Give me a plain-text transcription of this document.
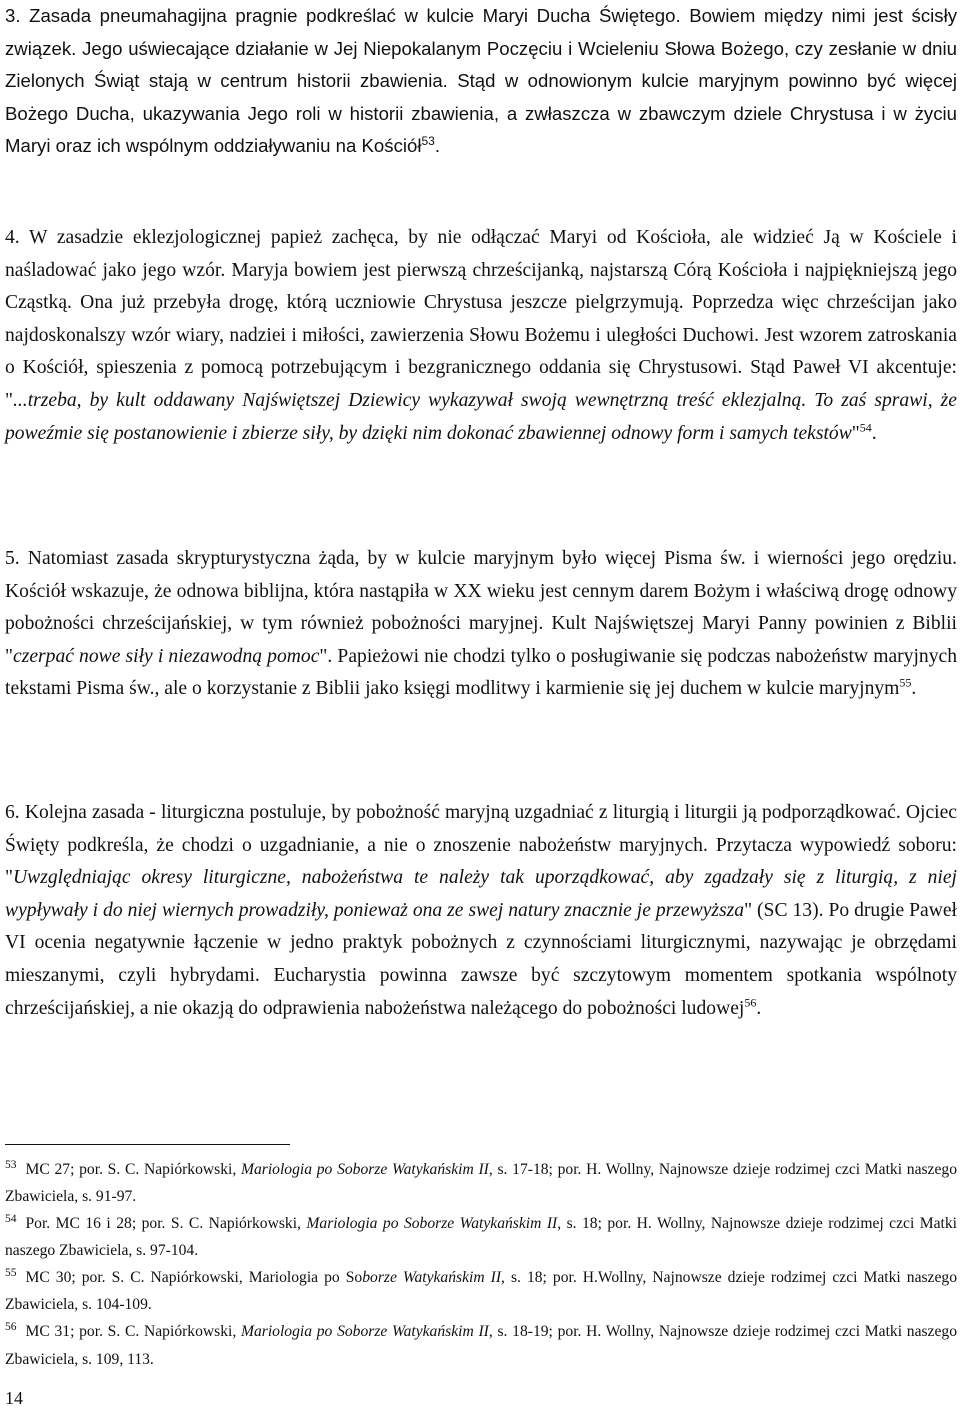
3. Zasada pneumahagijna pragnie podkreślać w kulcie Maryi Ducha Świętego. Bowiem między nimi jest ścisły związek. Jego uświecające działanie w Jej Niepokalanym Poczęciu i Wcieleniu Słowa Bożego, czy zesłanie w dniu Zielonych Świąt stają w centrum historii zbawienia. Stąd w odnowionym kulcie maryjnym powinno być więcej Bożego Ducha, ukazywania Jego roli w historii zbawienia, a zwłaszcza w zbawczym dziele Chrystusa i w życiu Maryi oraz ich wspólnym oddziaływaniu na Kościół$^{53}$.

4. W zasadzie eklezjologicznej papież zachęca, by nie odłączać Maryi od Kościoła, ale widzieć Ją w Kościele i naśladować jako jego wzór. Maryja bowiem jest pierwszą chrześcijanką, najstarszą Córą Kościoła i najpiękniejszą jego Cząstką. Ona już przebyła drogę, którą uczniowie Chrystusa jeszcze pielgrzymują. Poprzedza więc chrześcijan jako najdoskonalszy wzór wiary, nadziei i miłości, zawierzenia Słowu Bożemu i uległości Duchowi. Jest wzorem zatroskania o Kościół, spieszenia z pomocą potrzebującym i bezgranicznego oddania się Chrystusowi. Stąd Paweł VI akcentuje: "...trzeba, by kult oddawany Najświętszej Dziewicy wykazywał swoją wewnętrzną treść eklezjalną. To zaś sprawi, że poweźmie się postanowienie i zbierze siły, by dzięki nim dokonać zbawiennej odnowy form i samych tekstów"$^{54}$.

5. Natomiast zasada skrypturystyczna żąda, by w kulcie maryjnym było więcej Pisma św. i wierności jego orędziu. Kościół wskazuje, że odnowa biblijna, która nastąpiła w XX wieku jest cennym darem Bożym i właściwą drogę odnowy pobożności chrześcijańskiej, w tym również pobożności maryjnej. Kult Najświętszej Maryi Panny powinien z Biblii "czerpać nowe siły i niezawodną pomoc". Papieżowi nie chodzi tylko o posługiwanie się podczas nabożeństw maryjnych tekstami Pisma św., ale o korzystanie z Biblii jako księgi modlitwy i karmienie się jej duchem w kulcie maryjnym$^{55}$.

6. Kolejna zasada - liturgiczna postuluje, by pobożność maryjną uzgadniać z liturgią i liturgii ją podporządkować. Ojciec Święty podkreśla, że chodzi o uzgadnianie, a nie o znoszenie nabożeństw maryjnych. Przytacza wypowiedź soboru: "Uwzględniając okresy liturgiczne, nabożeństwa te należy tak uporządkować, aby zgadzały się z liturgią, z niej wypływały i do niej wiernych prowadziły, ponieważ ona ze swej natury znacznie je przewyższa" (SC 13). Po drugie Paweł VI ocenia negatywnie łączenie w jedno praktyk pobożnych z czynnościami liturgicznymi, nazywając je obrzędami mieszanymi, czyli hybrydami. Eucharystia powinna zawsze być szczytowym momentem spotkania wspólnoty chrześcijańskiej, a nie okazją do odprawienia nabożeństwa należącego do pobożności ludowej$^{56}$.

$^{53}$ MC 27; por. S. C. Napiórkowski, Mariologia po Soborze Watykańskim II, s. 17-18; por. H. Wollny, Najnowsze dzieje rodzimej czci Matki naszego Zbawiciela, s. 91-97.

$^{54}$ Por. MC 16 i 28; por. S. C. Napiórkowski, Mariologia po Soborze Watykańskim II, s. 18; por. H. Wollny, Najnowsze dzieje rodzimej czci Matki naszego Zbawiciela, s. 97-104.

$^{55}$ MC 30; por. S. C. Napiórkowski, Mariologia po Soborze Watykańskim II, s. 18; por. H.Wollny, Najnowsze dzieje rodzimej czci Matki naszego Zbawiciela, s. 104-109.

$^{56}$ MC 31; por. S. C. Napiórkowski, Mariologia po Soborze Watykańskim II, s. 18-19; por. H. Wollny, Najnowsze dzieje rodzimej czci Matki naszego Zbawiciela, s. 109, 113.

14
